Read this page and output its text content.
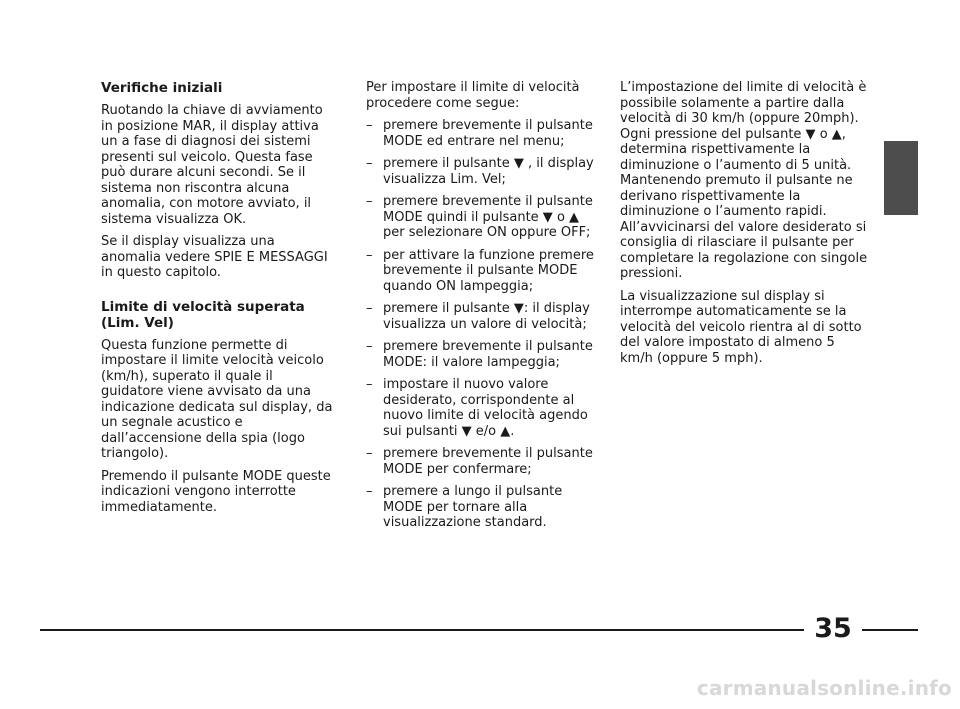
Verifiche iniziali

Ruotando la chiave di avviamento in posizione MAR, il display attiva un a fase di diagnosi dei sistemi presenti sul veicolo. Questa fase può durare alcuni secondi. Se il sistema non riscontra alcuna anomalia, con motore avviato, il sistema visualizza OK.

Se il display visualizza una anomalia vedere SPIE E MESSAGGI in questo capitolo.

Limite di velocità superata (Lim. Vel)

Questa funzione permette di impostare il limite velocità veicolo (km/h), superato il quale il guidatore viene avvisato da una indicazione dedicata sul display, da un segnale acustico e dall’accensione della spia (logo triangolo).

Premendo il pulsante MODE queste indicazioni vengono interrotte immediatamente.

Per impostare il limite di velocità procedere come segue:

– premere brevemente il pulsante MODE ed entrare nel menu;
– premere il pulsante ▼ , il display visualizza Lim. Vel;
– premere brevemente il pulsante MODE quindi il pulsante ▼ o ▲ per selezionare ON oppure OFF;
– per attivare la funzione premere brevemente il pulsante MODE quando ON lampeggia;
– premere il pulsante ▼: il display visualizza un valore di velocità;
– premere brevemente il pulsante MODE: il valore lampeggia;
– impostare il nuovo valore desiderato, corrispondente al nuovo limite di velocità agendo sui pulsanti ▼ e/o ▲.
– premere brevemente il pulsante MODE per confermare;
– premere a lungo il pulsante MODE per tornare alla visualizzazione standard.

L’impostazione del limite di velocità è possibile solamente a partire dalla velocità di 30 km/h (oppure 20mph). Ogni pressione del pulsante ▼ o ▲, determina rispettivamente la diminuzione o l’aumento di 5 unità. Mantenendo premuto il pulsante ne derivano rispettivamente la diminuzione o l’aumento rapidi. All’avvicinarsi del valore desiderato si consiglia di rilasciare il pulsante per completare la regolazione con singole pressioni.

La visualizzazione sul display si interrompe automaticamente se la velocità del veicolo rientra al di sotto del valore impostato di almeno 5 km/h (oppure 5 mph).

35
carmanualsonline.info
